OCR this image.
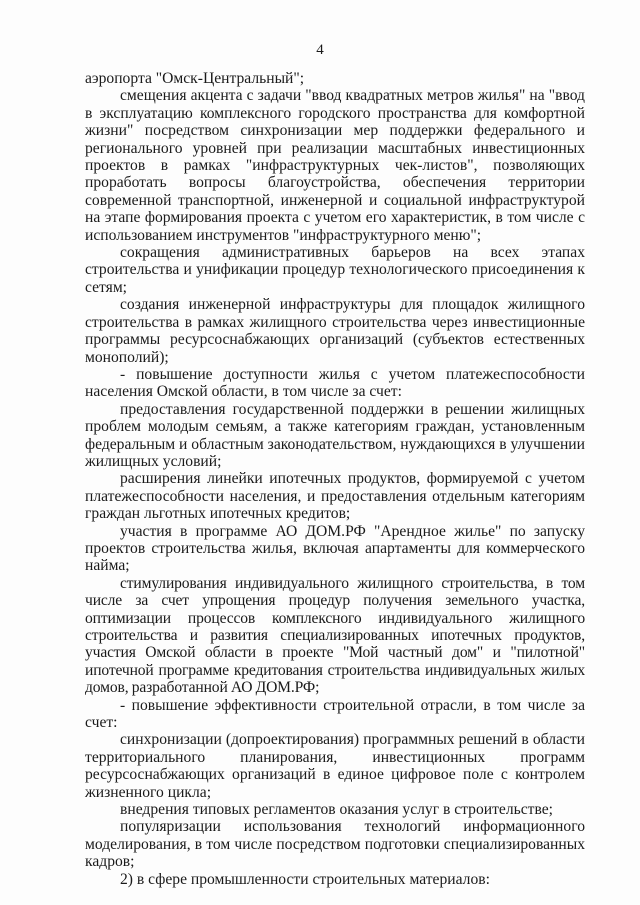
4

аэропорта "Омск-Центральный";

смещения акцента с задачи "ввод квадратных метров жилья" на "ввод в эксплуатацию комплексного городского пространства для комфортной жизни" посредством синхронизации мер поддержки федерального и регионального уровней при реализации масштабных инвестиционных проектов в рамках "инфраструктурных чек-листов", позволяющих проработать вопросы благоустройства, обеспечения территории современной транспортной, инженерной и социальной инфраструктурой на этапе формирования проекта с учетом его характеристик, в том числе с использованием инструментов "инфраструктурного меню";

сокращения административных барьеров на всех этапах строительства и унификации процедур технологического присоединения к сетям;

создания инженерной инфраструктуры для площадок жилищного строительства в рамках жилищного строительства через инвестиционные программы ресурсоснабжающих организаций (субъектов естественных монополий);

- повышение доступности жилья с учетом платежеспособности населения Омской области, в том числе за счет:

предоставления государственной поддержки в решении жилищных проблем молодым семьям, а также категориям граждан, установленным федеральным и областным законодательством, нуждающихся в улучшении жилищных условий;

расширения линейки ипотечных продуктов, формируемой с учетом платежеспособности населения, и предоставления отдельным категориям граждан льготных ипотечных кредитов;

участия в программе АО ДОМ.РФ "Арендное жилье" по запуску проектов строительства жилья, включая апартаменты для коммерческого найма;

стимулирования индивидуального жилищного строительства, в том числе за счет упрощения процедур получения земельного участка, оптимизации процессов комплексного индивидуального жилищного строительства и развития специализированных ипотечных продуктов, участия Омской области в проекте "Мой частный дом" и "пилотной" ипотечной программе кредитования строительства индивидуальных жилых домов, разработанной АО ДОМ.РФ;

- повышение эффективности строительной отрасли, в том числе за счет:

синхронизации (допроектирования) программных решений в области территориального планирования, инвестиционных программ ресурсоснабжающих организаций в единое цифровое поле с контролем жизненного цикла;

внедрения типовых регламентов оказания услуг в строительстве;

популяризации использования технологий информационного моделирования, в том числе посредством подготовки специализированных кадров;

2) в сфере промышленности строительных материалов:
